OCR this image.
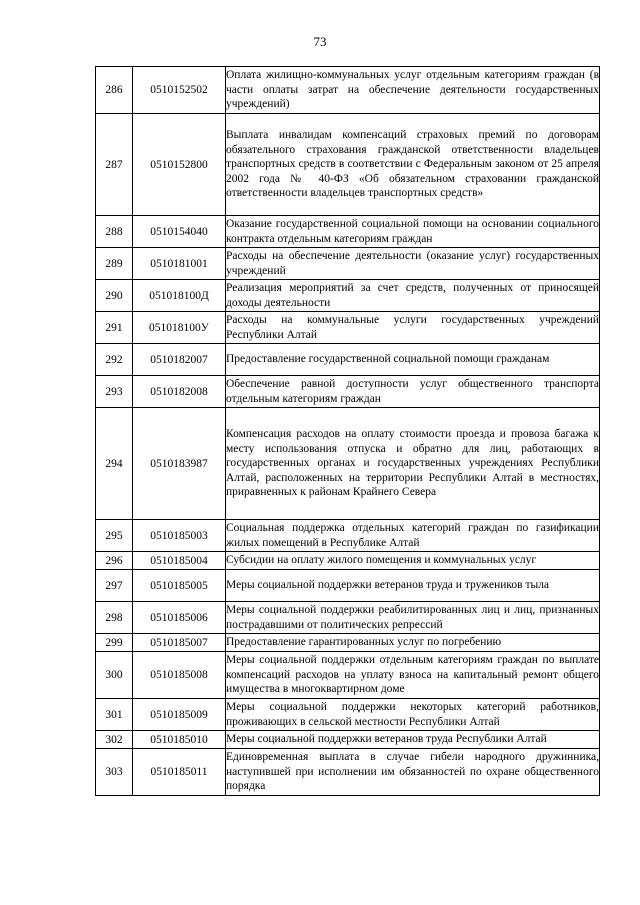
73
286	0510152502	Оплата жилищно-коммунальных услуг отдельным категориям граждан (в части оплаты затрат на обеспечение деятельности государственных учреждений)
287	0510152800	Выплата инвалидам компенсаций страховых премий по договорам обязательного страхования гражданской ответственности владельцев транспортных средств в соответствии с Федеральным законом от 25 апреля 2002 года № 40-ФЗ «Об обязательном страховании гражданской ответственности владельцев транспортных средств»
288	0510154040	Оказание государственной социальной помощи на основании социального контракта отдельным категориям граждан
289	0510181001	Расходы на обеспечение деятельности (оказание услуг) государственных учреждений
290	051018100Д	Реализация мероприятий за счет средств, полученных от приносящей доходы деятельности
291	051018100У	Расходы на коммунальные услуги государственных учреждений Республики Алтай
292	0510182007	Предоставление государственной социальной помощи гражданам
293	0510182008	Обеспечение равной доступности услуг общественного транспорта отдельным категориям граждан
294	0510183987	Компенсация расходов на оплату стоимости проезда и провоза багажа к месту использования отпуска и обратно для лиц, работающих в государственных органах и государственных учреждениях Республики Алтай, расположенных на территории Республики Алтай в местностях, приравненных к районам Крайнего Севера
295	0510185003	Социальная поддержка отдельных категорий граждан по газификации жилых помещений в Республике Алтай
296	0510185004	Субсидии на оплату жилого помещения и коммунальных услуг
297	0510185005	Меры социальной поддержки ветеранов труда и тружеников тыла
298	0510185006	Меры социальной поддержки реабилитированных лиц и лиц, признанных пострадавшими от политических репрессий
299	0510185007	Предоставление гарантированных услуг по погребению
300	0510185008	Меры социальной поддержки отдельным категориям граждан по выплате компенсаций расходов на уплату взноса на капитальный ремонт общего имущества в многоквартирном доме
301	0510185009	Меры социальной поддержки некоторых категорий работников, проживающих в сельской местности Республики Алтай
302	0510185010	Меры социальной поддержки ветеранов труда Республики Алтай
303	0510185011	Единовременная выплата в случае гибели народного дружинника, наступившей при исполнении им обязанностей по охране общественного порядка
